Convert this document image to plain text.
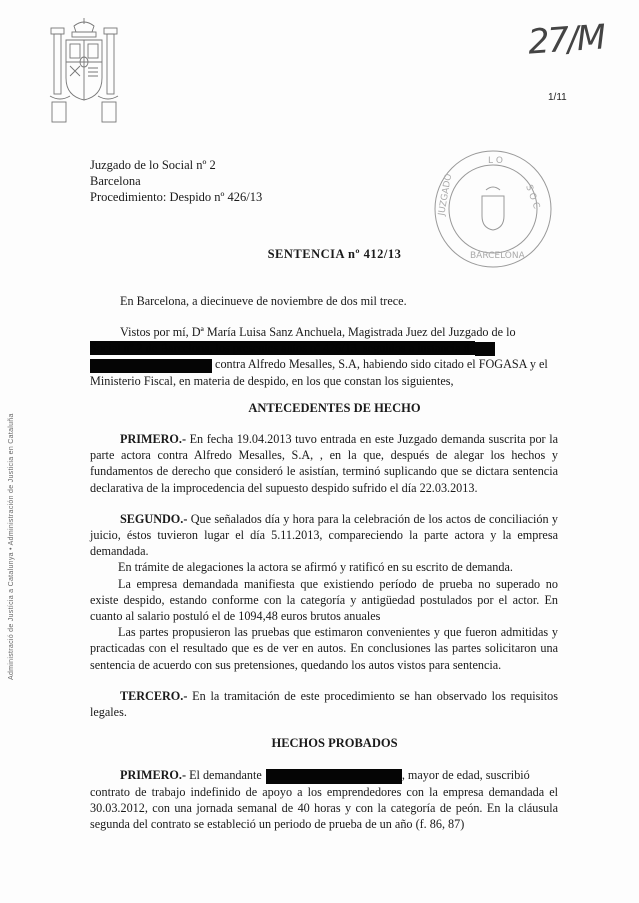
27/M
1/11
Juzgado de lo Social nº 2
Barcelona
Procedimiento: Despido nº 426/13
L O
JUZGADO	S O C
BARCELONA
SENTENCIA nº 412/13

En Barcelona, a diecinueve de noviembre de dos mil trece.

Vistos por mí, Dª María Luisa Sanz Anchuela, Magistrada Juez del Juzgado de lo

Social nº 2 de Barcelona, los presentes autos nº 426/13, seguidos a instancia de

contra Alfredo Mesalles, S.A, habiendo sido citado el FOGASA y el

Ministerio Fiscal, en materia de despido, en los que constan los siguientes,

ANTECEDENTES DE HECHO

PRIMERO.- En fecha 19.04.2013 tuvo entrada en este Juzgado demanda suscrita por la parte actora contra Alfredo Mesalles, S.A, , en la que, después de alegar los hechos y fundamentos de derecho que consideró le asistían, terminó suplicando que se dictara sentencia declarativa de la improcedencia del supuesto despido sufrido el día 22.03.2013.

SEGUNDO.- Que señalados día y hora para la celebración de los actos de conciliación y juicio, éstos tuvieron lugar el día 5.11.2013, compareciendo la parte actora y la empresa demandada.

En trámite de alegaciones la actora se afirmó y ratificó en su escrito de demanda.

La empresa demandada manifiesta que existiendo período de prueba no superado no existe despido, estando conforme con la categoría y antigüedad postulados por el actor. En cuanto al salario postuló el de 1094,48 euros brutos anuales

Las partes propusieron las pruebas que estimaron convenientes y que fueron admitidas y practicadas con el resultado que es de ver en autos. En conclusiones las partes solicitaron una sentencia de acuerdo con sus pretensiones, quedando los autos vistos para sentencia.

TERCERO.- En la tramitación de este procedimiento se han observado los requisitos legales.

HECHOS PROBADOS

PRIMERO.- El demandante	, mayor de edad, suscribió

contrato de trabajo indefinido de apoyo a los emprendedores con la empresa demandada el 30.03.2012, con una jornada semanal de 40 horas y con la categoría de peón. En la cláusula segunda del contrato se estableció un periodo de prueba de un año (f. 86, 87)

Administració de Justícia a Catalunya • Administración de Justicia en Cataluña
